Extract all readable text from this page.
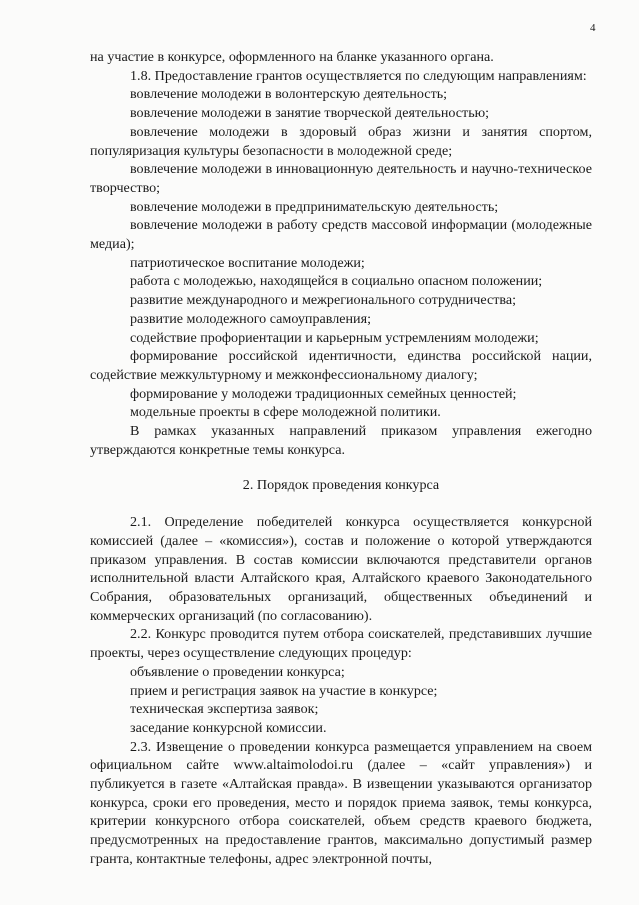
4

на участие в конкурсе, оформленного на бланке указанного органа.

1.8. Предоставление грантов осуществляется по следующим направлениям:

вовлечение молодежи в волонтерскую деятельность;

вовлечение молодежи в занятие творческой деятельностью;

вовлечение молодежи в здоровый образ жизни и занятия спортом, популяризация культуры безопасности в молодежной среде;

вовлечение молодежи в инновационную деятельность и научно-техническое творчество;

вовлечение молодежи в предпринимательскую деятельность;

вовлечение молодежи в работу средств массовой информации (молодежные медиа);

патриотическое воспитание молодежи;

работа с молодежью, находящейся в социально опасном положении;

развитие международного и межрегионального сотрудничества;

развитие молодежного самоуправления;

содействие профориентации и карьерным устремлениям молодежи;

формирование российской идентичности, единства российской нации, содействие межкультурному и межконфессиональному диалогу;

формирование у молодежи традиционных семейных ценностей;

модельные проекты в сфере молодежной политики.

В рамках указанных направлений приказом управления ежегодно утверждаются конкретные темы конкурса.

2. Порядок проведения конкурса

2.1. Определение победителей конкурса осуществляется конкурсной комиссией (далее – «комиссия»), состав и положение о которой утверждаются приказом управления. В состав комиссии включаются представители органов исполнительной власти Алтайского края, Алтайского краевого Законодательного Собрания, образовательных организаций, общественных объединений и коммерческих организаций (по согласованию).

2.2. Конкурс проводится путем отбора соискателей, представивших лучшие проекты, через осуществление следующих процедур:

объявление о проведении конкурса;

прием и регистрация заявок на участие в конкурсе;

техническая экспертиза заявок;

заседание конкурсной комиссии.

2.3. Извещение о проведении конкурса размещается управлением на своем официальном сайте www.altaimolodoi.ru (далее – «сайт управления») и публикуется в газете «Алтайская правда». В извещении указываются организатор конкурса, сроки его проведения, место и порядок приема заявок, темы конкурса, критерии конкурсного отбора соискателей, объем средств краевого бюджета, предусмотренных на предоставление грантов, максимально допустимый размер гранта, контактные телефоны, адрес электронной почты,
